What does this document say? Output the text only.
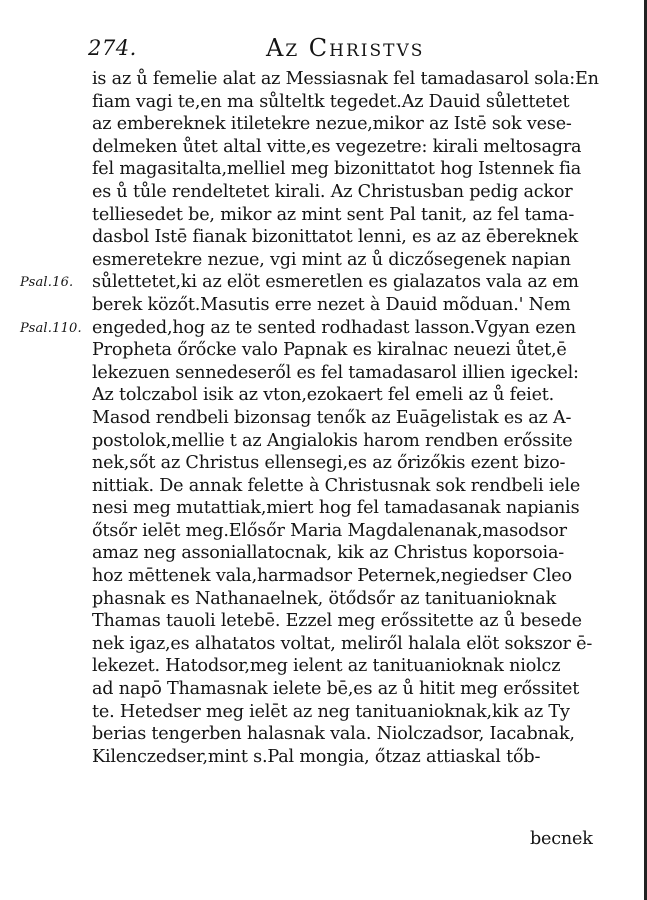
274.	Az Christvs
is az ů femelie alat az Messiasnak fel tamadasarol sola:En
fiam vagi te,en ma sůlteltk tegedet.Az Dauid sůlettetet
az embereknek itiletekre nezue,mikor az Istē sok vese-
delmeken ůtet altal vitte,es vegezetre: kirali meltosagra
fel magasitalta,melliel meg bizonittatot hog Istennek fia
es ů tůle rendeltetet kirali. Az Christusban pedig ackor
telliesedet be, mikor az mint sent Pal tanit, az fel tama-
dasbol Istē fianak bizonittatot lenni, es az az ēbereknek
esmeretekre nezue, vgi mint az ů diczősegenek napian
sůlettetet,ki az elöt esmeretlen es gialazatos vala az em
berek közőt.Masutis erre nezet à Dauid mõduan.' Nem
engeded,hog az te sented rodhadast lasson.Vgyan ezen
Propheta őrőcke valo Papnak es kiralnac neuezi ůtet,ē
lekezuen sennedeseről es fel tamadasarol illien igeckel:
Az tolczabol isik az vton,ezokaert fel emeli az ů feiet.
Masod rendbeli bizonsag tenők az Euāgelistak es az A-
postolok,mellie t az Angialokis harom rendben erőssite
nek,sőt az Christus ellensegi,es az őrizőkis ezent bizo-
nittiak. De annak felette à Christusnak sok rendbeli iele
nesi meg mutattiak,miert hog fel tamadasanak napianis
őtsőr ielēt meg.Elősőr Maria Magdalenanak,masodsor
amaz neg assoniallatocnak, kik az Christus koporsoia-
hoz mēttenek vala,harmadsor Peternek,negiedser Cleo
phasnak es Nathanaelnek, ötődsőr az tanituanioknak
Thamas tauoli letebē. Ezzel meg erőssitette az ů besede
nek igaz,es alhatatos voltat, meliről halala elöt sokszor ē-
lekezet. Hatodsor,meg ielent az tanituanioknak niolcz
ad napō Thamasnak ielete bē,es az ů hitit meg erőssitet
te. Hetedser meg ielēt az neg tanituanioknak,kik az Ty
berias tengerben halasnak vala. Niolczadsor, Iacabnak,
Kilenczedser,mint s.Pal mongia, őtzaz attiaskal tőb-
Psal.16.
Psal.110.
becnek
